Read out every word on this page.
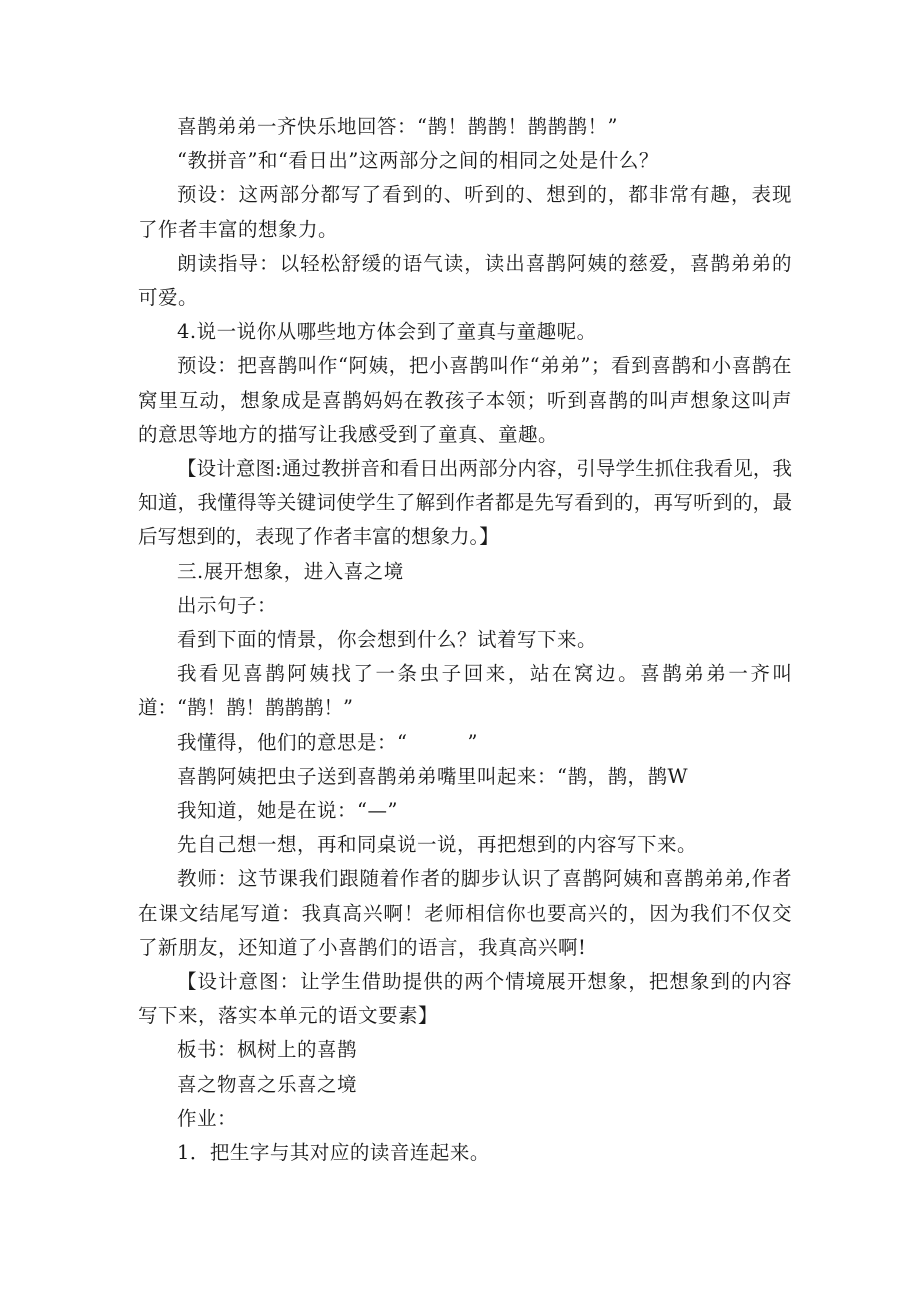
喜鹊弟弟一齐快乐地回答：“鹊！鹊鹊！鹊鹊鹊！”

“教拼音”和“看日出”这两部分之间的相同之处是什么？

预设：这两部分都写了看到的、听到的、想到的，都非常有趣，表现了作者丰富的想象力。

朗读指导：以轻松舒缓的语气读，读出喜鹊阿姨的慈爱，喜鹊弟弟的可爱。

4.说一说你从哪些地方体会到了童真与童趣呢。

预设：把喜鹊叫作“阿姨，把小喜鹊叫作“弟弟”；看到喜鹊和小喜鹊在窝里互动，想象成是喜鹊妈妈在教孩子本领；听到喜鹊的叫声想象这叫声的意思等地方的描写让我感受到了童真、童趣。

【设计意图:通过教拼音和看日出两部分内容，引导学生抓住我看见，我知道，我懂得等关键词使学生了解到作者都是先写看到的，再写听到的，最后写想到的，表现了作者丰富的想象力。】

三.展开想象，进入喜之境

出示句子：

看到下面的情景，你会想到什么？试着写下来。

我看见喜鹊阿姨找了一条虫子回来，站在窝边。喜鹊弟弟一齐叫道：“鹊！鹊！鹊鹊鹊！”

我懂得，他们的意思是：“　　　”

喜鹊阿姨把虫子送到喜鹊弟弟嘴里叫起来：“鹊，鹊，鹊W

我知道，她是在说：“—”

先自己想一想，再和同桌说一说，再把想到的内容写下来。

教师：这节课我们跟随着作者的脚步认识了喜鹊阿姨和喜鹊弟弟,作者在课文结尾写道：我真高兴啊！老师相信你也要高兴的，因为我们不仅交了新朋友，还知道了小喜鹊们的语言，我真高兴啊!

【设计意图：让学生借助提供的两个情境展开想象，把想象到的内容写下来，落实本单元的语文要素】

板书：枫树上的喜鹊

喜之物喜之乐喜之境

作业：

1．把生字与其对应的读音连起来。
